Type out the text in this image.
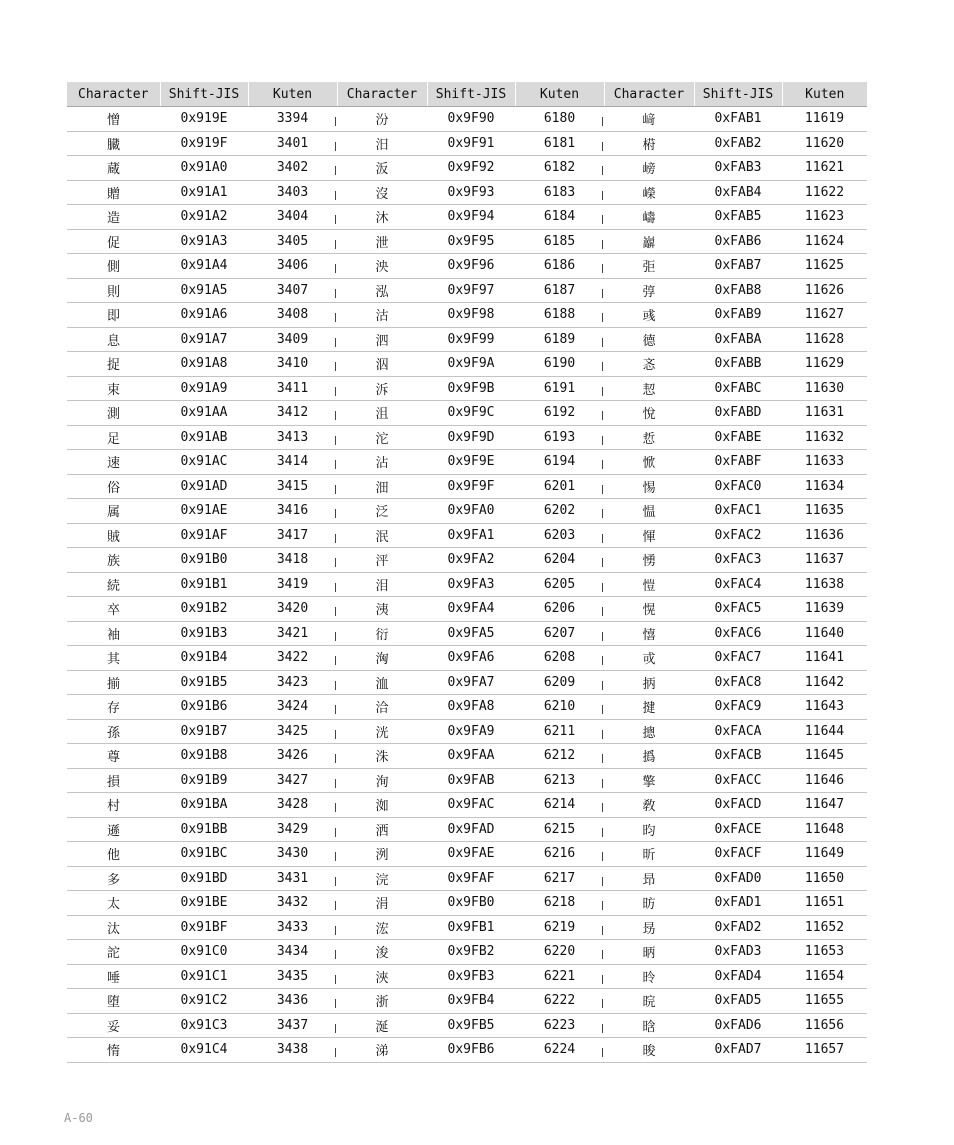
Character	Shift-JIS	Kuten	Character	Shift-JIS	Kuten	Character	Shift-JIS	Kuten
憎	0x919E	3394	汾	0x9F90	6180	﨑	0xFAB1	11619
臓	0x919F	3401	汨	0x9F91	6181	﨓	0xFAB2	11620
蔵	0x91A0	3402	汳	0x9F92	6182	嵭	0xFAB3	11621
贈	0x91A1	3403	沒	0x9F93	6183	嶸	0xFAB4	11622
造	0x91A2	3404	沐	0x9F94	6184	嶹	0xFAB5	11623
促	0x91A3	3405	泄	0x9F95	6185	巐	0xFAB6	11624
側	0x91A4	3406	泱	0x9F96	6186	弡	0xFAB7	11625
則	0x91A5	3407	泓	0x9F97	6187	弴	0xFAB8	11626
即	0x91A6	3408	沽	0x9F98	6188	彧	0xFAB9	11627
息	0x91A7	3409	泗	0x9F99	6189	德	0xFABA	11628
捉	0x91A8	3410	泅	0x9F9A	6190	忞	0xFABB	11629
束	0x91A9	3411	泝	0x9F9B	6191	恝	0xFABC	11630
測	0x91AA	3412	沮	0x9F9C	6192	悅	0xFABD	11631
足	0x91AB	3413	沱	0x9F9D	6193	悊	0xFABE	11632
速	0x91AC	3414	沾	0x9F9E	6194	惞	0xFABF	11633
俗	0x91AD	3415	沺	0x9F9F	6201	惕	0xFAC0	11634
属	0x91AE	3416	泛	0x9FA0	6202	愠	0xFAC1	11635
賊	0x91AF	3417	泯	0x9FA1	6203	惲	0xFAC2	11636
族	0x91B0	3418	泙	0x9FA2	6204	愑	0xFAC3	11637
続	0x91B1	3419	泪	0x9FA3	6205	愷	0xFAC4	11638
卒	0x91B2	3420	洟	0x9FA4	6206	愰	0xFAC5	11639
袖	0x91B3	3421	衍	0x9FA5	6207	憘	0xFAC6	11640
其	0x91B4	3422	洶	0x9FA6	6208	戓	0xFAC7	11641
揃	0x91B5	3423	洫	0x9FA7	6209	抦	0xFAC8	11642
存	0x91B6	3424	洽	0x9FA8	6210	揵	0xFAC9	11643
孫	0x91B7	3425	洸	0x9FA9	6211	摠	0xFACA	11644
尊	0x91B8	3426	洙	0x9FAA	6212	撝	0xFACB	11645
損	0x91B9	3427	洵	0x9FAB	6213	擎	0xFACC	11646
村	0x91BA	3428	洳	0x9FAC	6214	敎	0xFACD	11647
遜	0x91BB	3429	洒	0x9FAD	6215	昀	0xFACE	11648
他	0x91BC	3430	洌	0x9FAE	6216	昕	0xFACF	11649
多	0x91BD	3431	浣	0x9FAF	6217	昻	0xFAD0	11650
太	0x91BE	3432	涓	0x9FB0	6218	昉	0xFAD1	11651
汰	0x91BF	3433	浤	0x9FB1	6219	昮	0xFAD2	11652
詑	0x91C0	3434	浚	0x9FB2	6220	昞	0xFAD3	11653
唾	0x91C1	3435	浹	0x9FB3	6221	昤	0xFAD4	11654
堕	0x91C2	3436	浙	0x9FB4	6222	晥	0xFAD5	11655
妥	0x91C3	3437	涎	0x9FB5	6223	晗	0xFAD6	11656
惰	0x91C4	3438	涕	0x9FB6	6224	晙	0xFAD7	11657
A-60
